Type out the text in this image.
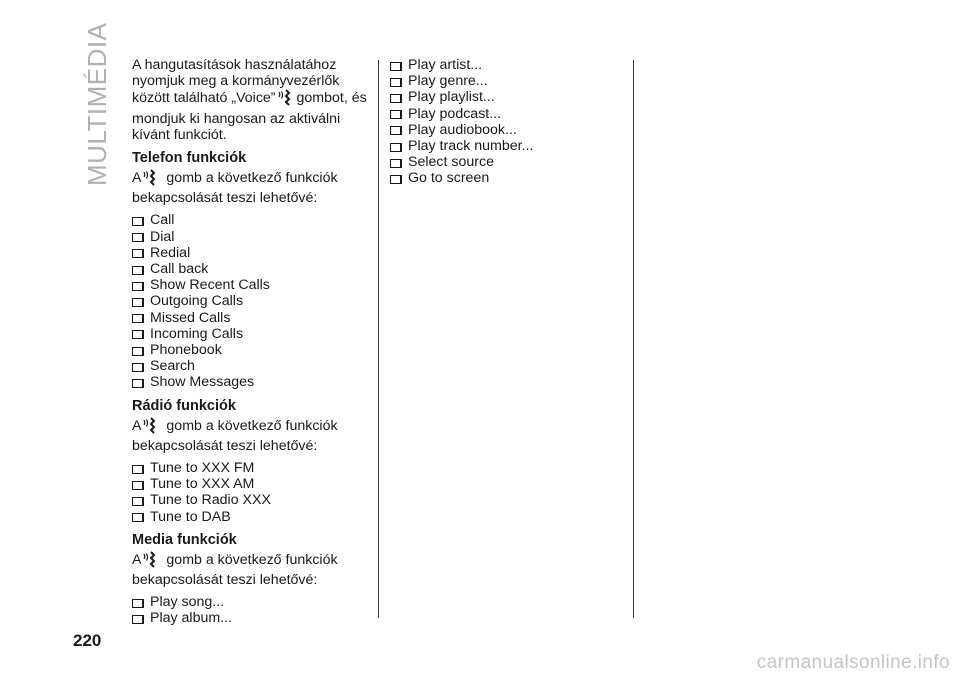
MULTIMÉDIA A hangutasítások használatához nyomjuk meg a kormányvezérlők között található „Voice” gombot, és mondjuk ki hangosan az aktiválni kívánt funkciót.

Telefon funkciók

A gomb a következő funkciók bekapcsolását teszi lehetővé:

Call
Dial
Redial
Call back
Show Recent Calls
Outgoing Calls
Missed Calls
Incoming Calls
Phonebook
Search
Show Messages
Rádió funkciók

A gomb a következő funkciók bekapcsolását teszi lehetővé:

Tune to XXX FM
Tune to XXX AM
Tune to Radio XXX
Tune to DAB
Media funkciók

A gomb a következő funkciók bekapcsolását teszi lehetővé:

Play song...
Play album...
Play artist...
Play genre...
Play playlist...
Play podcast...
Play audiobook...
Play track number...
Select source
Go to screen
220
carmanualsonline.info
